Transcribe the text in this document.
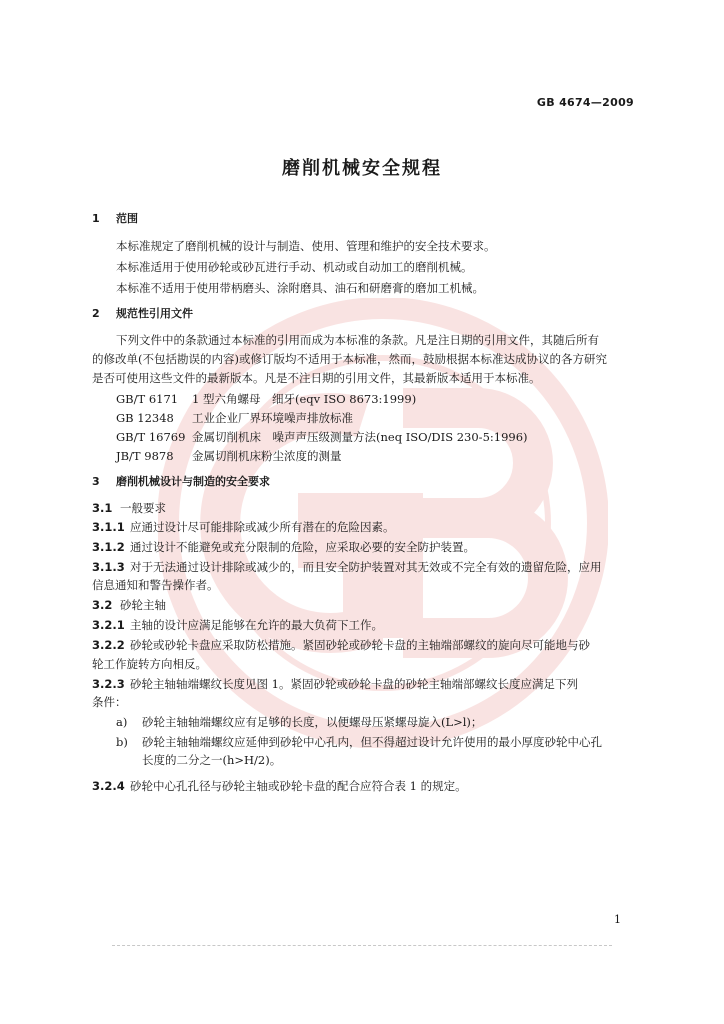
GB 4674—2009
磨削机械安全规程
1 范围
本标准规定了磨削机械的设计与制造、使用、管理和维护的安全技术要求。
本标准适用于使用砂轮或砂瓦进行手动、机动或自动加工的磨削机械。
本标准不适用于使用带柄磨头、涂附磨具、油石和研磨膏的磨加工机械。
2 规范性引用文件
下列文件中的条款通过本标准的引用而成为本标准的条款。凡是注日期的引用文件，其随后所有
的修改单(不包括勘误的内容)或修订版均不适用于本标准，然而，鼓励根据本标准达成协议的各方研究
是否可使用这些文件的最新版本。凡是不注日期的引用文件，其最新版本适用于本标准。
GB/T 6171 1 型六角螺母　细牙(eqv ISO 8673:1999)
GB 12348 工业企业厂界环境噪声排放标准
GB/T 16769 金属切削机床　噪声声压级测量方法(neq ISO/DIS 230-5:1996)
JB/T 9878 金属切削机床粉尘浓度的测量
3 磨削机械设计与制造的安全要求
3.1 一般要求
3.1.1 应通过设计尽可能排除或减少所有潜在的危险因素。
3.1.2 通过设计不能避免或充分限制的危险，应采取必要的安全防护装置。
3.1.3 对于无法通过设计排除或减少的，而且安全防护装置对其无效或不完全有效的遗留危险，应用
信息通知和警告操作者。
3.2 砂轮主轴
3.2.1 主轴的设计应满足能够在允许的最大负荷下工作。
3.2.2 砂轮或砂轮卡盘应采取防松措施。紧固砂轮或砂轮卡盘的主轴端部螺纹的旋向尽可能地与砂
轮工作旋转方向相反。
3.2.3 砂轮主轴轴端螺纹长度见图 1。紧固砂轮或砂轮卡盘的砂轮主轴端部螺纹长度应满足下列
条件：
a) 砂轮主轴轴端螺纹应有足够的长度，以便螺母压紧螺母旋入(L>l)；
b) 砂轮主轴轴端螺纹应延伸到砂轮中心孔内，但不得超过设计允许使用的最小厚度砂轮中心孔
长度的二分之一(h>H/2)。
3.2.4 砂轮中心孔孔径与砂轮主轴或砂轮卡盘的配合应符合表 1 的规定。
1
